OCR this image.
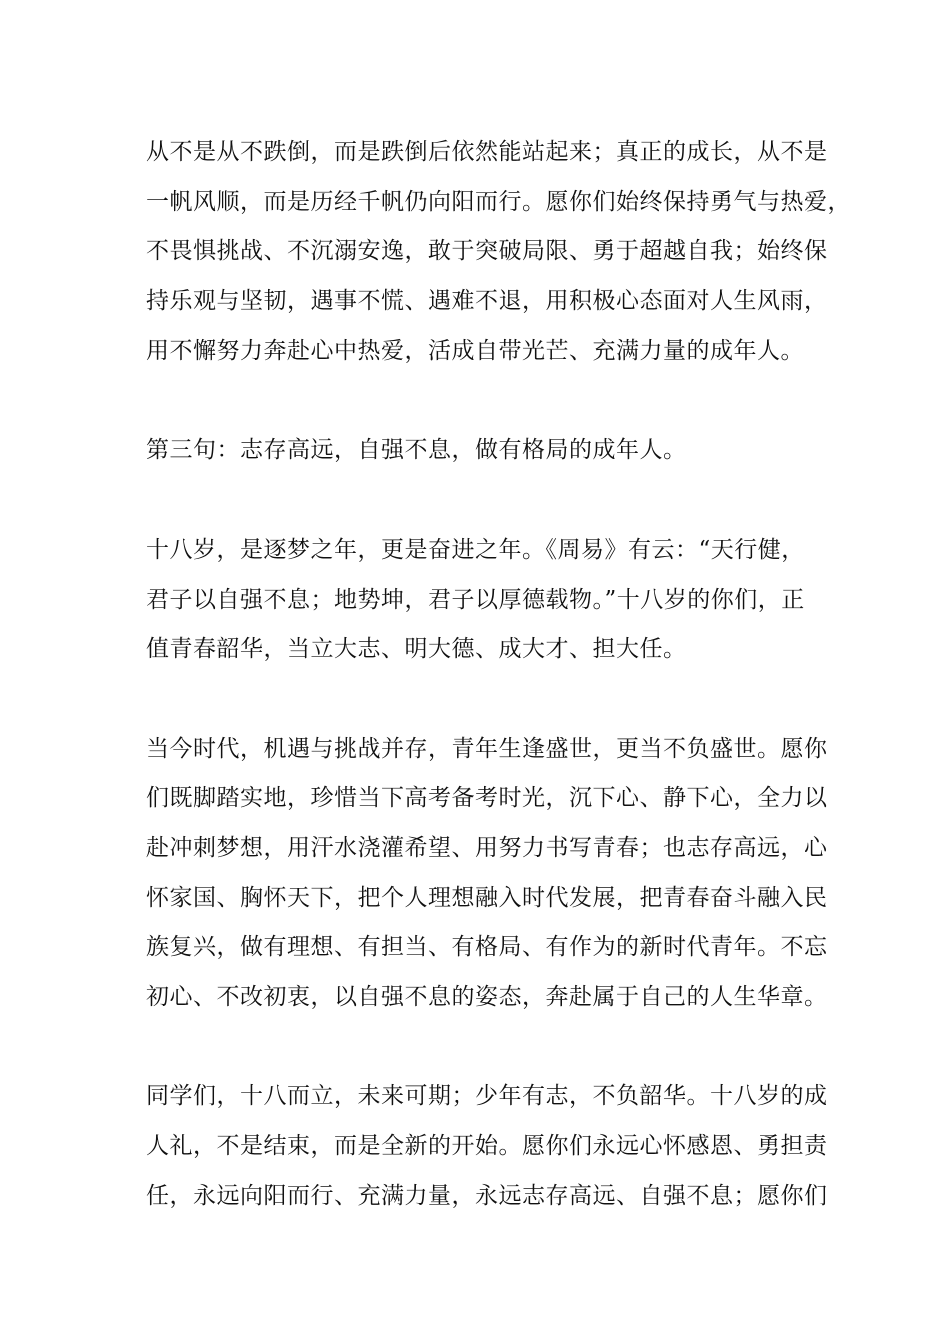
从不是从不跌倒，而是跌倒后依然能站起来；真正的成长，从不是
一帆风顺，而是历经千帆仍向阳而行。愿你们始终保持勇气与热爱，
不畏惧挑战、不沉溺安逸，敢于突破局限、勇于超越自我；始终保
持乐观与坚韧，遇事不慌、遇难不退，用积极心态面对人生风雨，
用不懈努力奔赴心中热爱，活成自带光芒、充满力量的成年人。
第三句：志存高远，自强不息，做有格局的成年人。
十八岁，是逐梦之年，更是奋进之年。《周易》有云：“天行健，
君子以自强不息；地势坤，君子以厚德载物。”十八岁的你们，正
值青春韶华，当立大志、明大德、成大才、担大任。
当今时代，机遇与挑战并存，青年生逢盛世，更当不负盛世。愿你
们既脚踏实地，珍惜当下高考备考时光，沉下心、静下心，全力以
赴冲刺梦想，用汗水浇灌希望、用努力书写青春；也志存高远，心
怀家国、胸怀天下，把个人理想融入时代发展，把青春奋斗融入民
族复兴，做有理想、有担当、有格局、有作为的新时代青年。不忘
初心、不改初衷，以自强不息的姿态，奔赴属于自己的人生华章。
同学们，十八而立，未来可期；少年有志，不负韶华。十八岁的成
人礼，不是结束，而是全新的开始。愿你们永远心怀感恩、勇担责
任，永远向阳而行、充满力量，永远志存高远、自强不息；愿你们
